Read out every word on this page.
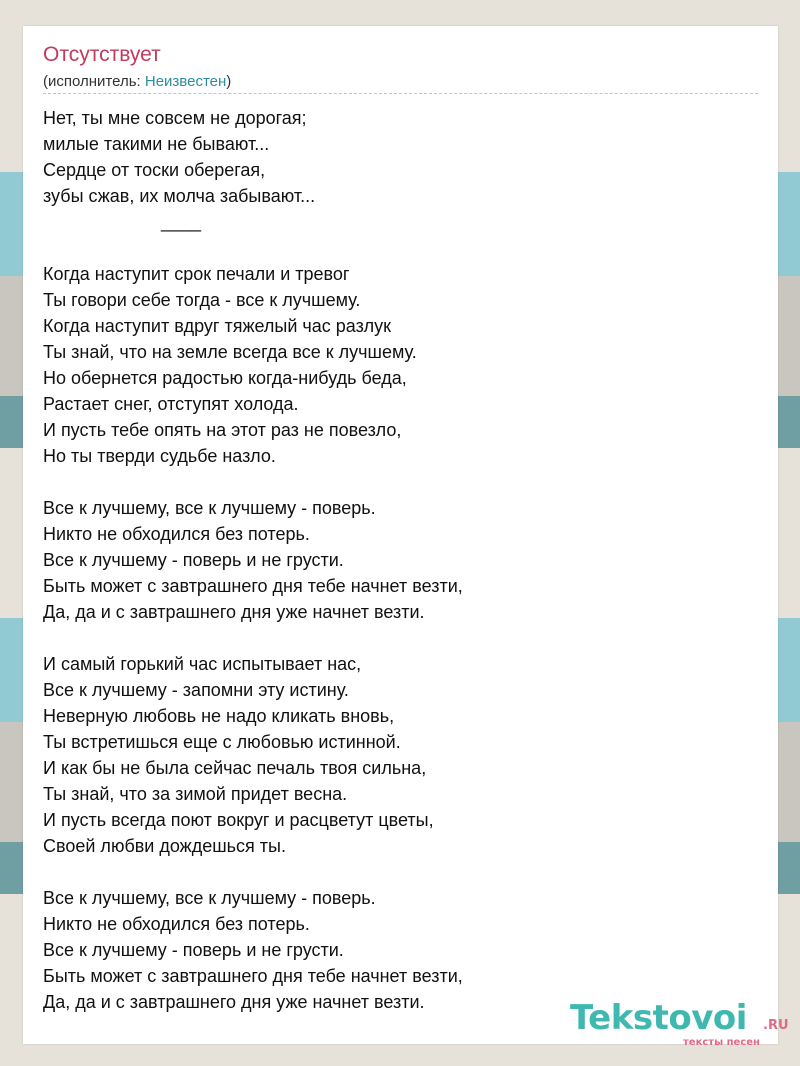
Отсутствует
(исполнитель: Неизвестен)
Нет, ты мне совсем не дорогая;
милые такими не бывают...
Сердце от тоски оберегая,
зубы сжав, их молча забывают...
____
Когда наступит срок печали и тревог
Ты говори себе тогда - все к лучшему.
Когда наступит вдруг тяжелый час разлук
Ты знай, что на земле всегда все к лучшему.
Но обернется радостью когда-нибудь беда,
Растает снег, отступят холода.
И пусть тебе опять на этот раз не повезло,
Но ты тверди судьбе назло.
Все к лучшему, все к лучшему - поверь.
Никто не обходился без потерь.
Все к лучшему - поверь и не грусти.
Быть может с завтрашнего дня тебе начнет везти,
Да, да и с завтрашнего дня уже начнет везти.
И самый горький час испытывает нас,
Все к лучшему - запомни эту истину.
Неверную любовь не надо кликать вновь,
Ты встретишься еще с любовью истинной.
И как бы не была сейчас печаль твоя сильна,
Ты знай, что за зимой придет весна.
И пусть всегда поют вокруг и расцветут цветы,
Своей любви дождешься ты.
Все к лучшему, все к лучшему - поверь.
Никто не обходился без потерь.
Все к лучшему - поверь и не грусти.
Быть может с завтрашнего дня тебе начнет везти,
Да, да и с завтрашнего дня уже начнет везти.	Tekstovoi .RU
тексты песен
